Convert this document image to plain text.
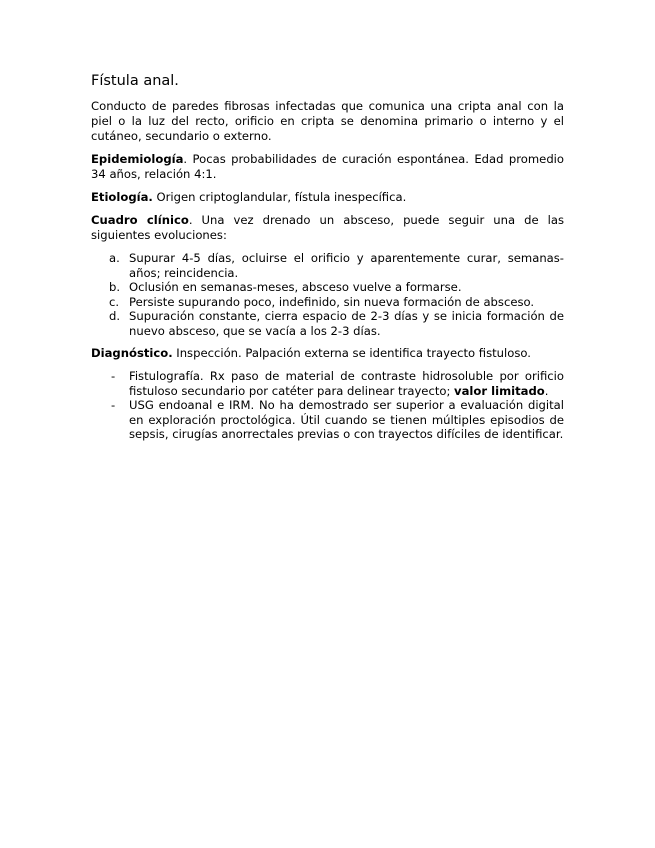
Fístula anal.

Conducto de paredes fibrosas infectadas que comunica una cripta anal con la piel o la luz del recto, orificio en cripta se denomina primario o interno y el cutáneo, secundario o externo.

Epidemiología. Pocas probabilidades de curación espontánea. Edad promedio 34 años, relación 4:1.

Etiología. Origen criptoglandular, fístula inespecífica.

Cuadro clínico. Una vez drenado un absceso, puede seguir una de las siguientes evoluciones:

a. Supurar 4-5 días, ocluirse el orificio y aparentemente curar, semanas-años; reincidencia.
b. Oclusión en semanas-meses, absceso vuelve a formarse.
c. Persiste supurando poco, indefinido, sin nueva formación de absceso.
d. Supuración constante, cierra espacio de 2-3 días y se inicia formación de nuevo absceso, que se vacía a los 2-3 días.

Diagnóstico. Inspección. Palpación externa se identifica trayecto fistuloso.

- Fistulografía. Rx paso de material de contraste hidrosoluble por orificio fistuloso secundario por catéter para delinear trayecto; valor limitado.
- USG endoanal e IRM. No ha demostrado ser superior a evaluación digital en exploración proctológica. Útil cuando se tienen múltiples episodios de sepsis, cirugías anorrectales previas o con trayectos difíciles de identificar.
